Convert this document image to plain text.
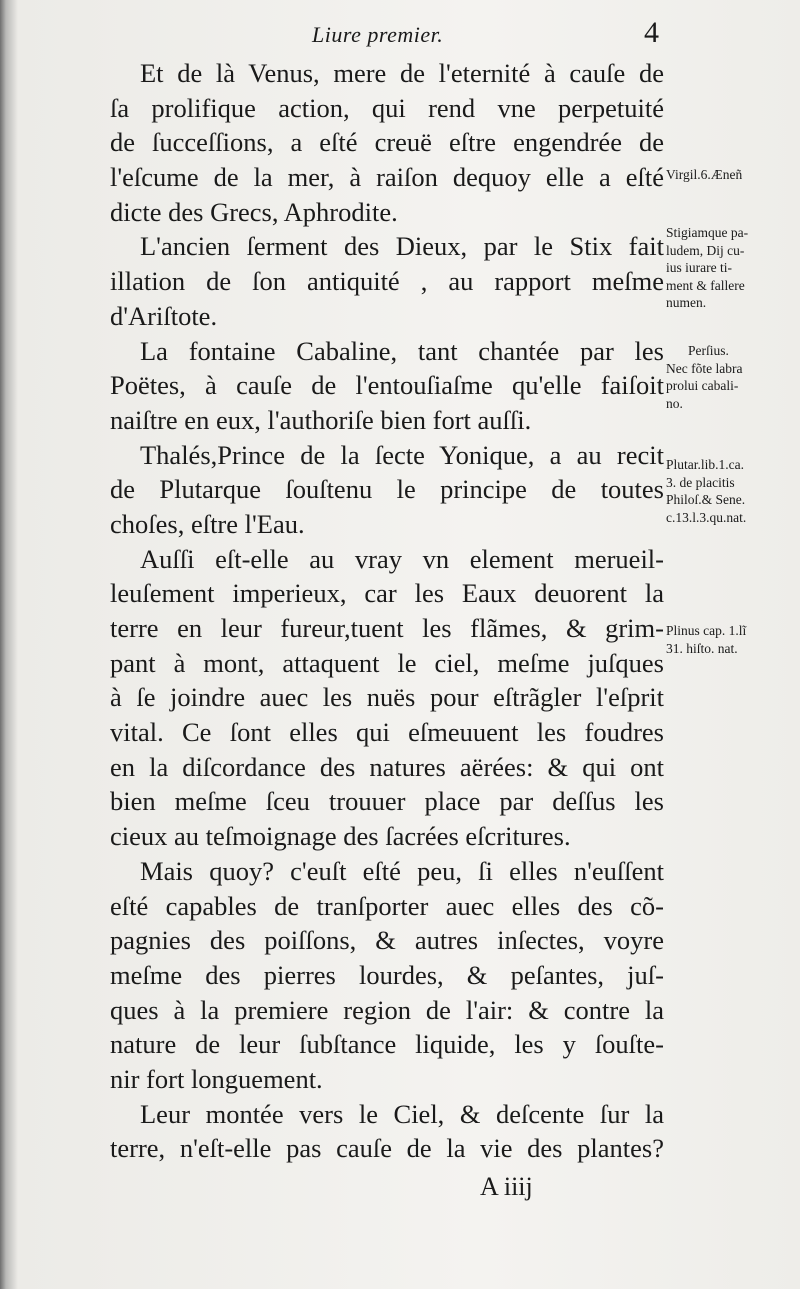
Liure premier.	4
Et de là Venus, mere de l'eternité à cauſe de
ſa prolifique action, qui rend vne perpetuité
de ſucceſſions, a eſté creuë eſtre engendrée de
l'eſcume de la mer, à raiſon dequoy elle a eſté
dicte des Grecs, Aphrodite.
L'ancien ſerment des Dieux, par le Stix fait
illation de ſon antiquité , au rapport meſme
d'Ariſtote.
La fontaine Cabaline, tant chantée par les
Poëtes, à cauſe de l'entouſiaſme qu'elle faiſoit
naiſtre en eux, l'authoriſe bien fort auſſi.
Thalés,Prince de la ſecte Yonique, a au recit
de Plutarque ſouſtenu le principe de toutes
choſes, eſtre l'Eau.
Auſſi eſt-elle au vray vn element merueil-
leuſement imperieux, car les Eaux deuorent la
terre en leur fureur,tuent les flãmes, & grim-
pant à mont, attaquent le ciel, meſme juſques
à ſe joindre auec les nuës pour eſtrãgler l'eſprit
vital. Ce ſont elles qui eſmeuuent les foudres
en la diſcordance des natures aërées: & qui ont
bien meſme ſceu trouuer place par deſſus les
cieux au teſmoignage des ſacrées eſcritures.
Mais quoy? c'euſt eſté peu, ſi elles n'euſſent
eſté capables de tranſporter auec elles des cõ-
pagnies des poiſſons, & autres inſectes, voyre
meſme des pierres lourdes, & peſantes, juſ-
ques à la premiere region de l'air: & contre la
nature de leur ſubſtance liquide, les y ſouſte-
nir fort longuement.
Leur montée vers le Ciel, & deſcente ſur la
terre, n'eſt-elle pas cauſe de la vie des plantes?
Virgil.6.Æneñ
Stigiamque pa-
ludem, Dij cu-
ius iurare ti-
ment & fallere
numen.
Perſius.
Nec fõte labra
prolui cabali-
no.
Plutar.lib.1.ca.
3. de placitis
Philoſ.& Sene.
c.13.l.3.qu.nat.
Plinus cap. 1.lĩ
31. hiſto. nat.
A iiij
